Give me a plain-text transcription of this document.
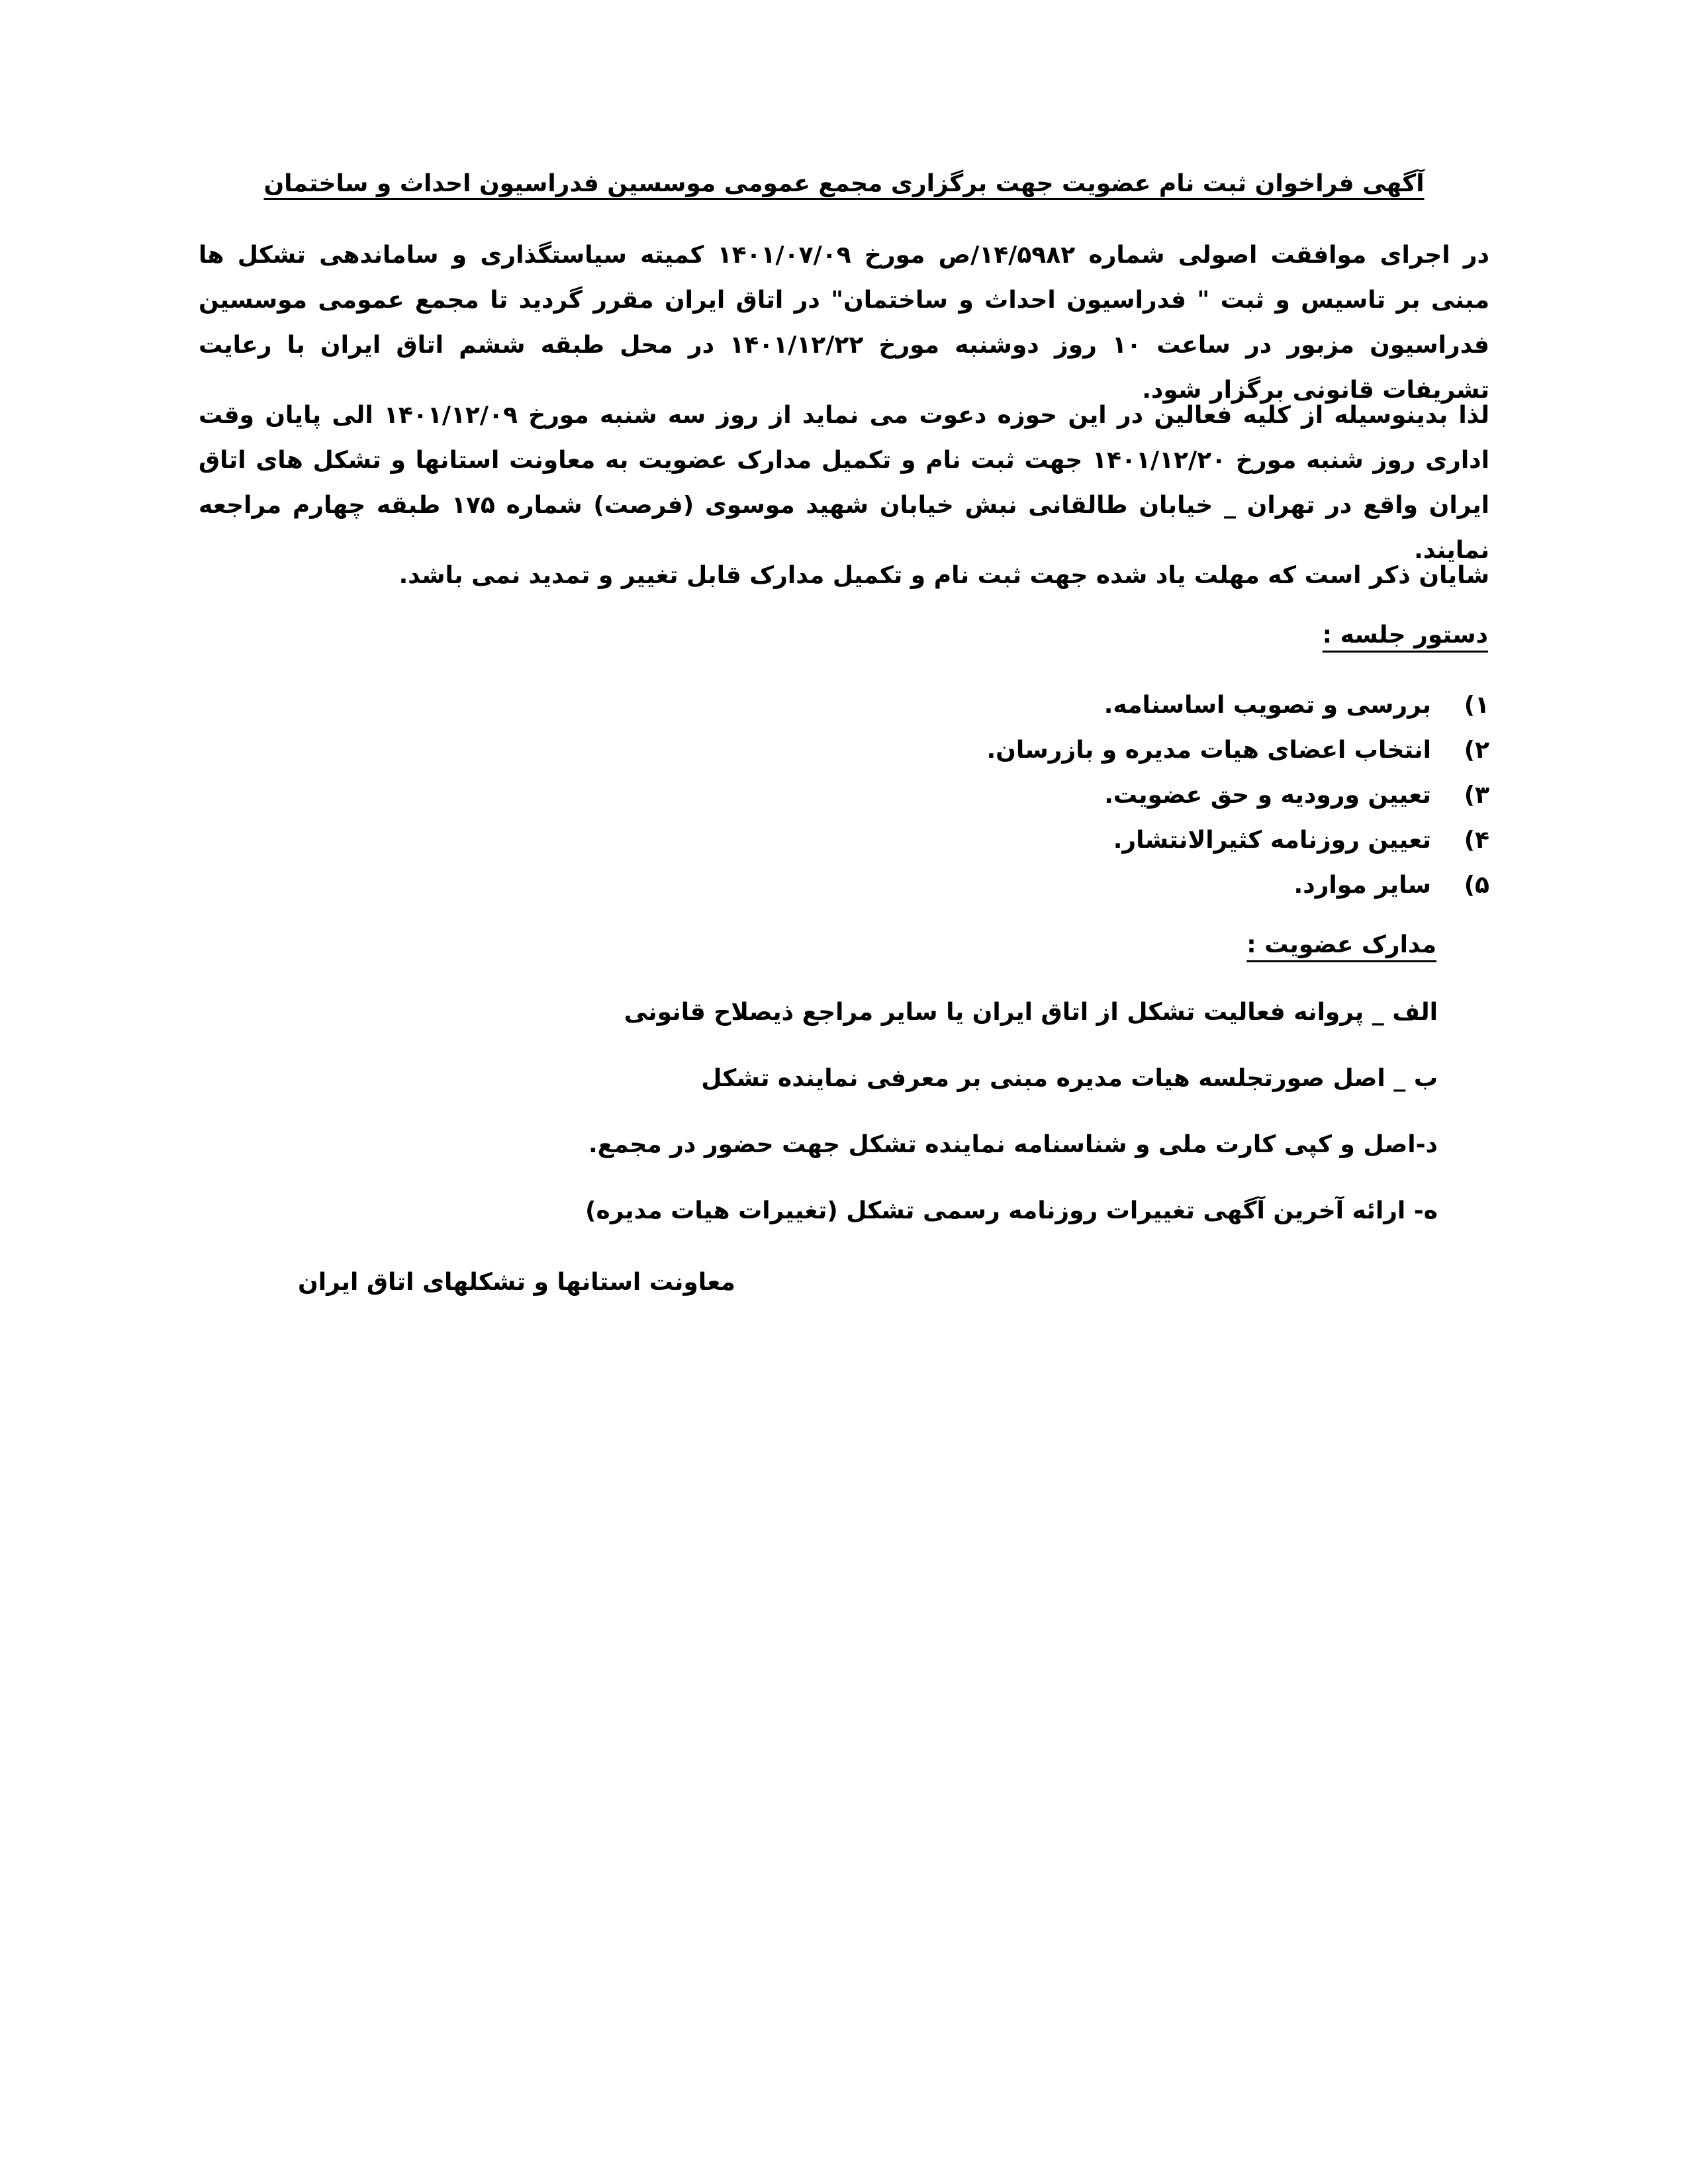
آگهی فراخوان ثبت نام عضویت جهت برگزاری مجمع عمومی موسسین فدراسیون احداث و ساختمان

در اجرای موافقت اصولی شماره ۱۴/۵۹۸۲/ص مورخ ۱۴۰۱/۰۷/۰۹ کمیته سیاستگذاری و ساماندهی تشکل ها مبنی بر تاسیس و ثبت " فدراسیون احداث و ساختمان" در اتاق ایران مقرر گردید تا مجمع عمومی موسسین فدراسیون مزبور در ساعت ۱۰ روز دوشنبه مورخ ۱۴۰۱/۱۲/۲۲ در محل طبقه ششم اتاق ایران با رعایت تشریفات قانونی برگزار شود.

لذا بدینوسیله از کلیه فعالین در این حوزه دعوت می نماید از روز سه شنبه مورخ ۱۴۰۱/۱۲/۰۹ الی پایان وقت اداری روز شنبه مورخ ۱۴۰۱/۱۲/۲۰ جهت ثبت نام و تکمیل مدارک عضویت به معاونت استانها و تشکل های اتاق ایران واقع در تهران _ خیابان طالقانی نبش خیابان شهید موسوی (فرصت) شماره ۱۷۵ طبقه چهارم مراجعه نمایند.

شایان ذکر است که مهلت یاد شده جهت ثبت نام و تکمیل مدارک قابل تغییر و تمدید نمی باشد.

دستور جلسه :
۱)بررسی و تصویب اساسنامه.
۲)انتخاب اعضای هیات مدیره و بازرسان.
۳)تعیین ورودیه و حق عضویت.
۴)تعیین روزنامه کثیرالانتشار.
۵)سایر موارد.
مدارک عضویت :
الف _ پروانه فعالیت تشکل از اتاق ایران یا سایر مراجع ذیصلاح قانونی
ب _ اصل صورتجلسه هیات مدیره مبنی بر معرفی نماینده تشکل
د-اصل و کپی کارت ملی و شناسنامه نماینده تشکل جهت حضور در مجمع.
ه- ارائه آخرین آگهی تغییرات روزنامه رسمی تشکل (تغییرات هیات مدیره)
معاونت استانها و تشکلهای اتاق ایران
